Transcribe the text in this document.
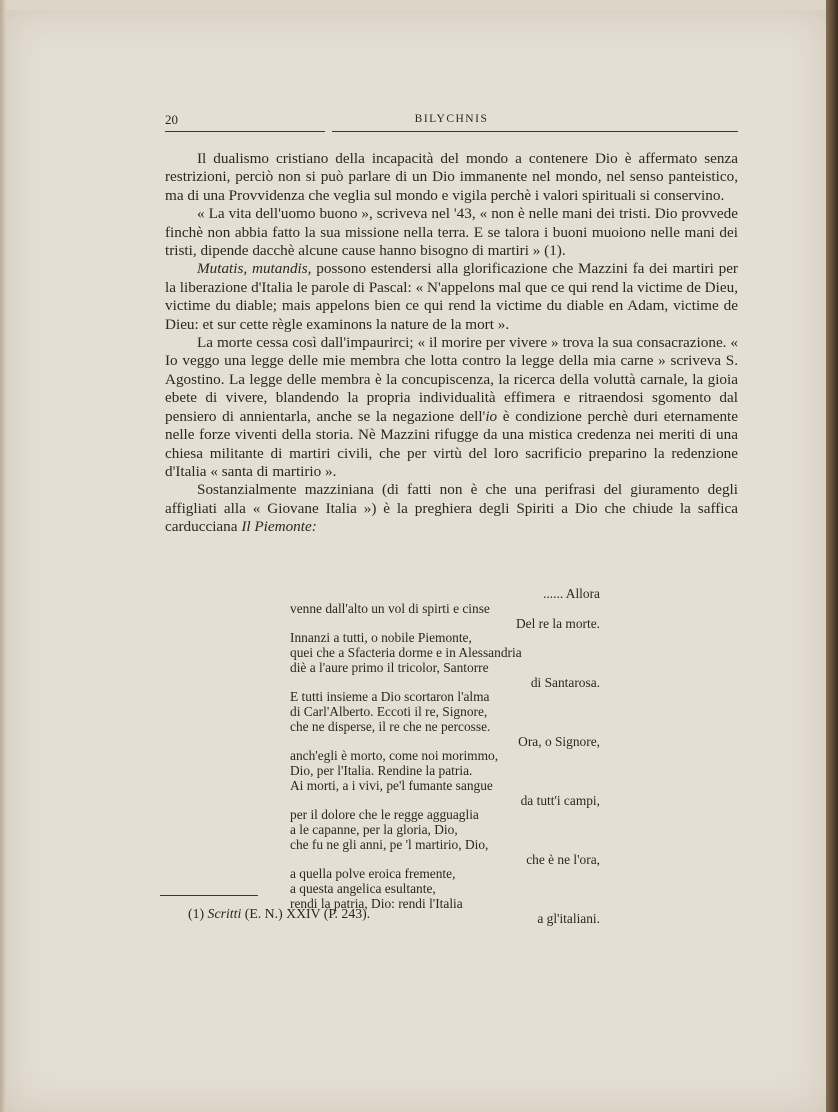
20	BILYCHNIS

Il dualismo cristiano della incapacità del mondo a contenere Dio è affermato senza restrizioni, perciò non si può parlare di un Dio immanente nel mondo, nel senso panteistico, ma di una Provvidenza che veglia sul mondo e vigila perchè i valori spirituali si conservino.

« La vita dell'uomo buono », scriveva nel '43, « non è nelle mani dei tristi. Dio provvede finchè non abbia fatto la sua missione nella terra. E se talora i buoni muoiono nelle mani dei tristi, dipende dacchè alcune cause hanno bisogno di martiri » (1).

Mutatis, mutandis, possono estendersi alla glorificazione che Mazzini fa dei martiri per la liberazione d'Italia le parole di Pascal: « N'appelons mal que ce qui rend la victime de Dieu, victime du diable; mais appelons bien ce qui rend la victime du diable en Adam, victime de Dieu: et sur cette règle examinons la nature de la mort ».

La morte cessa così dall'impaurirci; « il morire per vivere » trova la sua consacrazione. « Io veggo una legge delle mie membra che lotta contro la legge della mia carne » scriveva S. Agostino. La legge delle membra è la concupiscenza, la ricerca della voluttà carnale, la gioia ebete di vivere, blandendo la propria individualità effimera e ritraendosi sgomento dal pensiero di annientarla, anche se la negazione dell'io è condizione perchè duri eternamente nelle forze viventi della storia. Nè Mazzini rifugge da una mistica credenza nei meriti di una chiesa militante di martiri civili, che per virtù del loro sacrificio preparino la redenzione d'Italia « santa di martirio ».

Sostanzialmente mazziniana (di fatti non è che una perifrasi del giuramento degli affigliati alla « Giovane Italia ») è la preghiera degli Spiriti a Dio che chiude la saffica carducciana Il Piemonte:

...... Allora
venne dall'alto un vol di spirti e cinse
Del re la morte.
Innanzi a tutti, o nobile Piemonte,
quei che a Sfacteria dorme e in Alessandria
diè a l'aure primo il tricolor, Santorre
di Santarosa.
E tutti insieme a Dio scortaron l'alma
di Carl'Alberto. Eccoti il re, Signore,
che ne disperse, il re che ne percosse.
Ora, o Signore,
anch'egli è morto, come noi morimmo,
Dio, per l'Italia. Rendine la patria.
Ai morti, a i vivi, pe'l fumante sangue
da tutt'i campi,
per il dolore che le regge agguaglia
a le capanne, per la gloria, Dio,
che fu ne gli anni, pe 'l martirio, Dio,
che è ne l'ora,
a quella polve eroica fremente,
a questa angelica esultante,
rendi la patria, Dio: rendi l'Italia
a gl'italiani.
(1) Scritti (E. N.) XXIV (P. 243).
